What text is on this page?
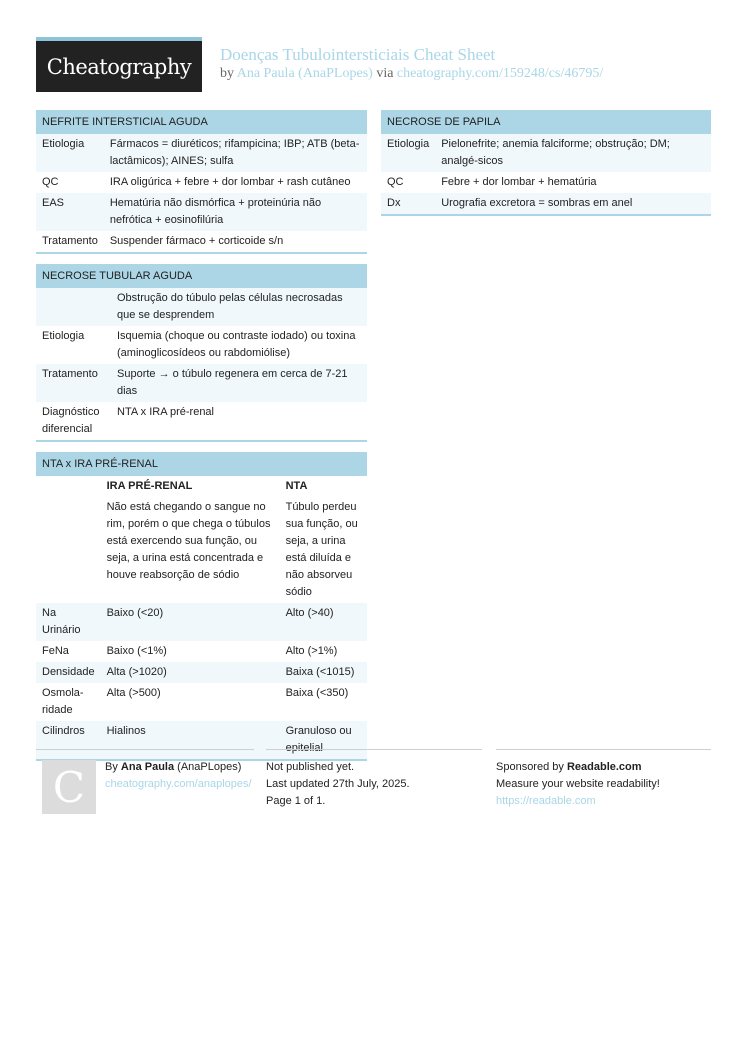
Cheatography Doenças Tubulointersticiais Cheat Sheet
by Ana Paula (AnaPLopes) via cheatography.com/159248/cs/46795/
NEFRITE INTERSTICIAL AGUDA
Etiologia	Fármacos = diuréticos; rifampicina; IBP; ATB (beta-lactâmicos); AINES; sulfa
QC	IRA oligúrica + febre + dor lombar + rash cutâneo
EAS	Hematúria não dismórfica + proteinúria não nefrótica + eosinofilúria
Tratamento	Suspender fármaco + corticoide s/n
NECROSE TUBULAR AGUDA
	Obstrução do túbulo pelas células necrosadas que se desprendem
Etiologia	Isquemia (choque ou contraste iodado) ou toxina (aminoglicosídeos ou rabdomiólise)
Tratamento	Suporte → o túbulo regenera em cerca de 7-21 dias
Diagnóstico diferencial	NTA x IRA pré-renal
NTA x IRA PRÉ-RENAL
	IRA PRÉ-RENAL	NTA
	Não está chegando o sangue no rim, porém o que chega o túbulos está exercendo sua função, ou seja, a urina está concentrada e houve reabsorção de sódio	Túbulo perdeu sua função, ou seja, a urina está diluída e não absorveu sódio
Na Urinário	Baixo (<20)	Alto (>40)
FeNa	Baixo (<1%)	Alto (>1%)
Densidade	Alta (>1020)	Baixa (<1015)
Osmola-ridade	Alta (>500)	Baixa (<350)
Cilindros	Hialinos	Granuloso ou epitelial
NECROSE DE PAPILA
Etiologia	Pielonefrite; anemia falciforme; obstrução; DM; analgé-sicos
QC	Febre + dor lombar + hematúria
Dx	Urografia excretora = sombras em anel
C	By Ana Paula (AnaPLopes)
cheatography.com/anaplopes/
Not published yet.
Last updated 27th July, 2025.
Page 1 of 1.
Sponsored by Readable.com
Measure your website readability!
https://readable.com
